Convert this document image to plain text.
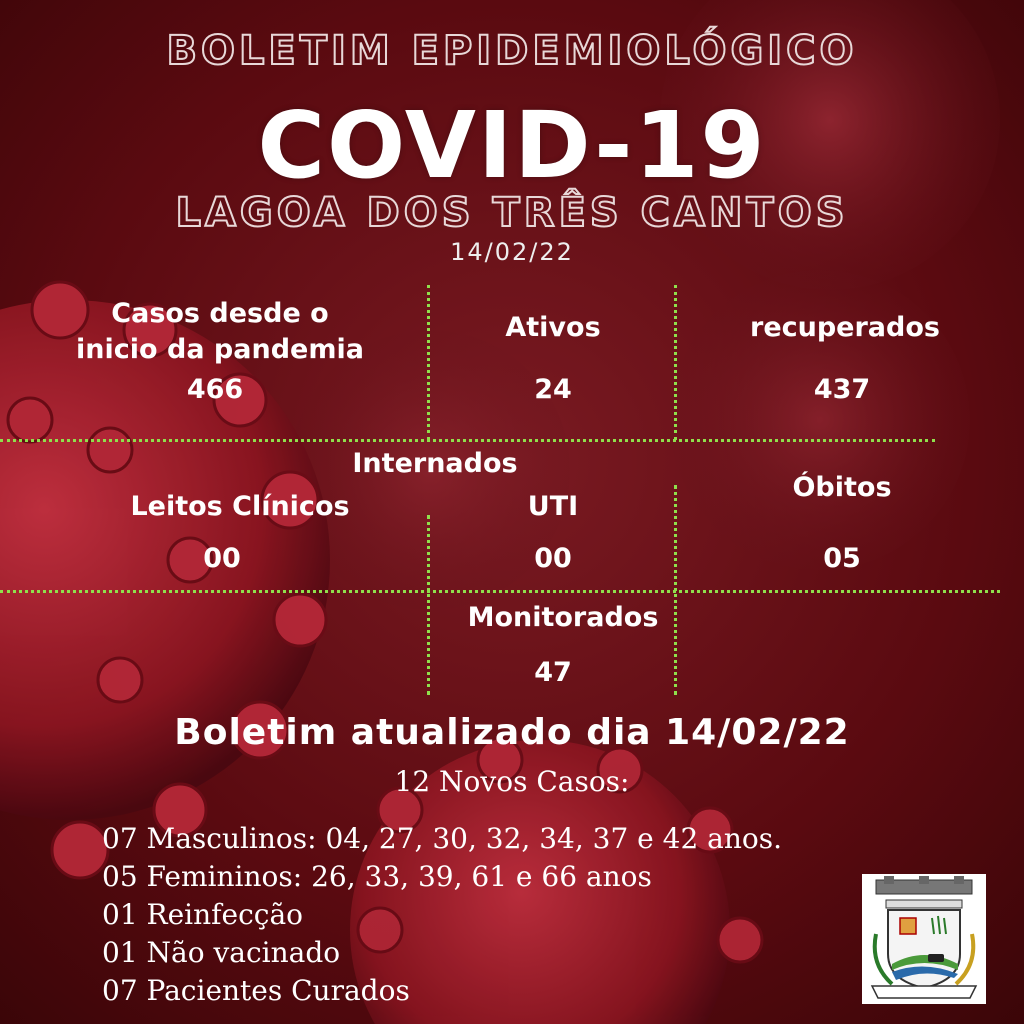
BOLETIM EPIDEMIOLÓGICO
COVID-19
LAGOA DOS TRÊS CANTOS
14/02/22
Casos desde o
inicio da pandemia
466
Ativos
24
recuperados
437
Internados
Leitos Clínicos
00
UTI
00
Óbitos
05
Monitorados
47
Boletim atualizado dia 14/02/22
12 Novos Casos:
07 Masculinos: 04, 27, 30, 32, 34, 37 e 42 anos.
05 Femininos: 26, 33, 39, 61 e 66 anos
01 Reinfecção
01 Não vacinado
07 Pacientes Curados
